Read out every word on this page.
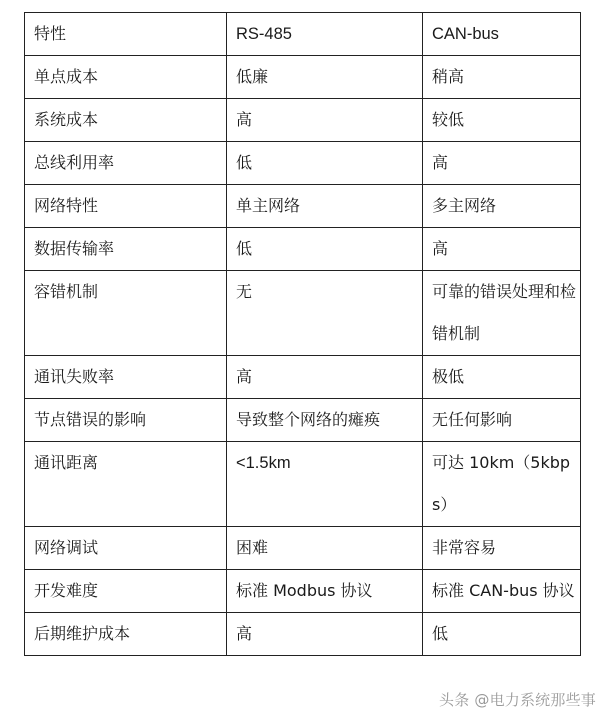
特性	RS-485	CAN-bus
单点成本	低廉	稍高
系统成本	高	较低
总线利用率	低	高
网络特性	单主网络	多主网络
数据传输率	低	高
容错机制	无	可靠的错误处理和检错机制
通讯失败率	高	极低
节点错误的影响	导致整个网络的瘫痪	无任何影响
通讯距离	<1.5km	可达 10km（5kbps）
网络调试	困难	非常容易
开发难度	标准 Modbus 协议	标准 CAN-bus 协议
后期维护成本	高	低

头条 @电力系统那些事
